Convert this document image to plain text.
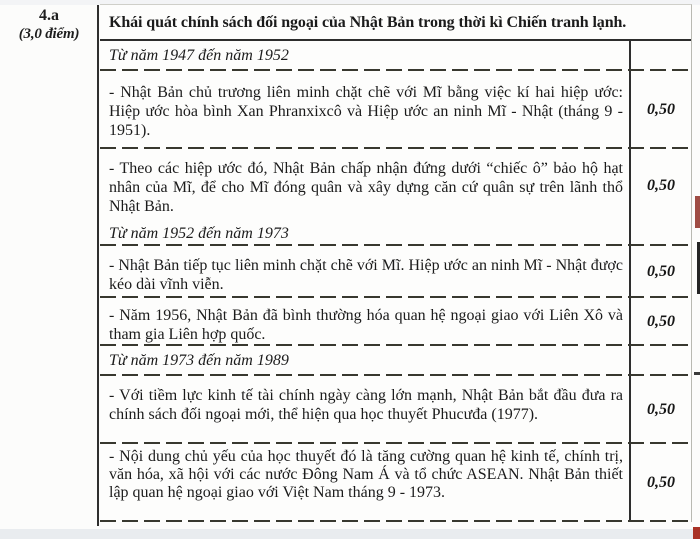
4.a
(3,0 điểm)
Khái quát chính sách đối ngoại của Nhật Bản trong thời kì Chiến tranh lạnh.
Từ năm 1947 đến năm 1952
- Nhật Bản chủ trương liên minh chặt chẽ với Mĩ bằng việc kí hai hiệp ước: Hiệp ước hòa bình Xan Phranxixcô và Hiệp ước an ninh Mĩ - Nhật (tháng 9 - 1951).
0,50
- Theo các hiệp ước đó, Nhật Bản chấp nhận đứng dưới “chiếc ô” bảo hộ hạt nhân của Mĩ, để cho Mĩ đóng quân và xây dựng căn cứ quân sự trên lãnh thổ Nhật Bản.
Từ năm 1952 đến năm 1973
0,50
- Nhật Bản tiếp tục liên minh chặt chẽ với Mĩ. Hiệp ước an ninh Mĩ - Nhật được kéo dài vĩnh viễn.
0,50
- Năm 1956, Nhật Bản đã bình thường hóa quan hệ ngoại giao với Liên Xô và tham gia Liên hợp quốc.
0,50
Từ năm 1973 đến năm 1989
- Với tiềm lực kinh tế tài chính ngày càng lớn mạnh, Nhật Bản bắt đầu đưa ra chính sách đối ngoại mới, thể hiện qua học thuyết Phucưđa (1977).	0,50
- Nội dung chủ yếu của học thuyết đó là tăng cường quan hệ kinh tế, chính trị, văn hóa, xã hội với các nước Đông Nam Á và tổ chức ASEAN. Nhật Bản thiết lập quan hệ ngoại giao với Việt Nam tháng 9 - 1973.
0,50
